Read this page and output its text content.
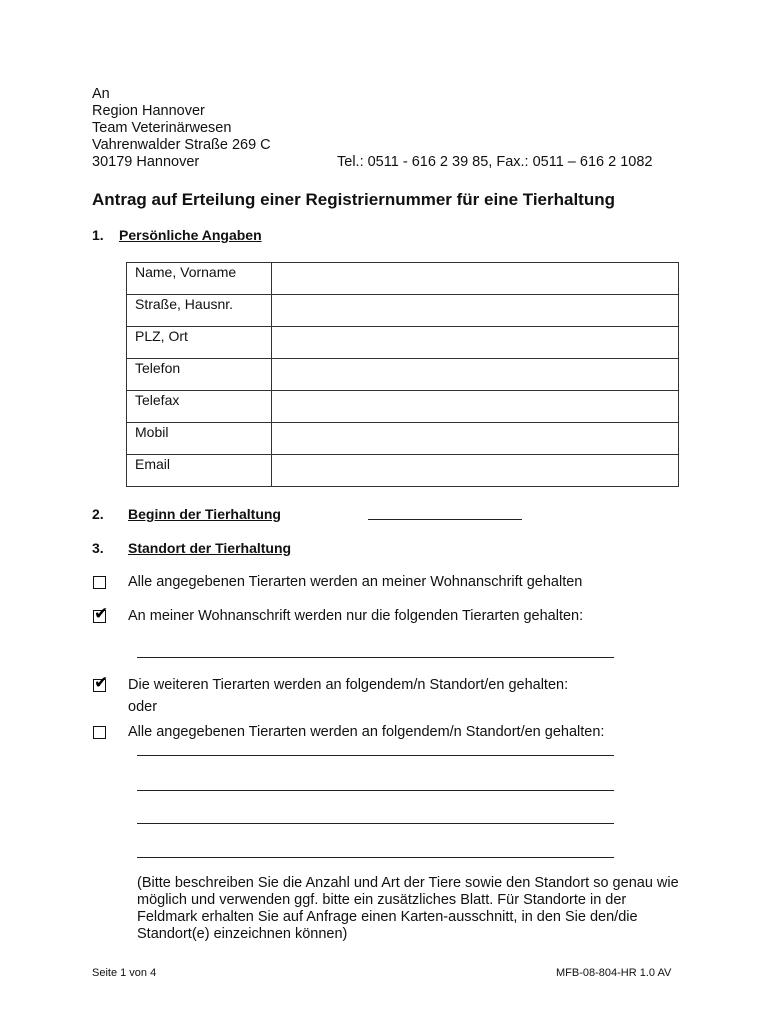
An
Region Hannover
Team Veterinärwesen
Vahrenwalder Straße 269 C
30179 Hannover	Tel.: 0511 - 616 2 39 85, Fax.: 0511 – 616 2 1082
Antrag auf Erteilung einer Registriernummer für eine Tierhaltung
1. Persönliche Angaben
Name, Vorname	
Straße, Hausnr.	
PLZ, Ort	
Telefon	
Telefax	
Mobil	
Email	
2. Beginn der Tierhaltung
3. Standort der Tierhaltung
Alle angegebenen Tierarten werden an meiner Wohnanschrift gehalten
✔ An meiner Wohnanschrift werden nur die folgenden Tierarten gehalten:
✔ Die weiteren Tierarten werden an folgendem/n Standort/en gehalten:
oder
Alle angegebenen Tierarten werden an folgendem/n Standort/en gehalten:
(Bitte beschreiben Sie die Anzahl und Art der Tiere sowie den Standort so genau wie möglich und verwenden ggf. bitte ein zusätzliches Blatt. Für Standorte in der Feldmark erhalten Sie auf Anfrage einen Karten-ausschnitt, in den Sie den/die Standort(e) einzeichnen können)
Seite 1 von 4	MFB-08-804-HR 1.0 AV
